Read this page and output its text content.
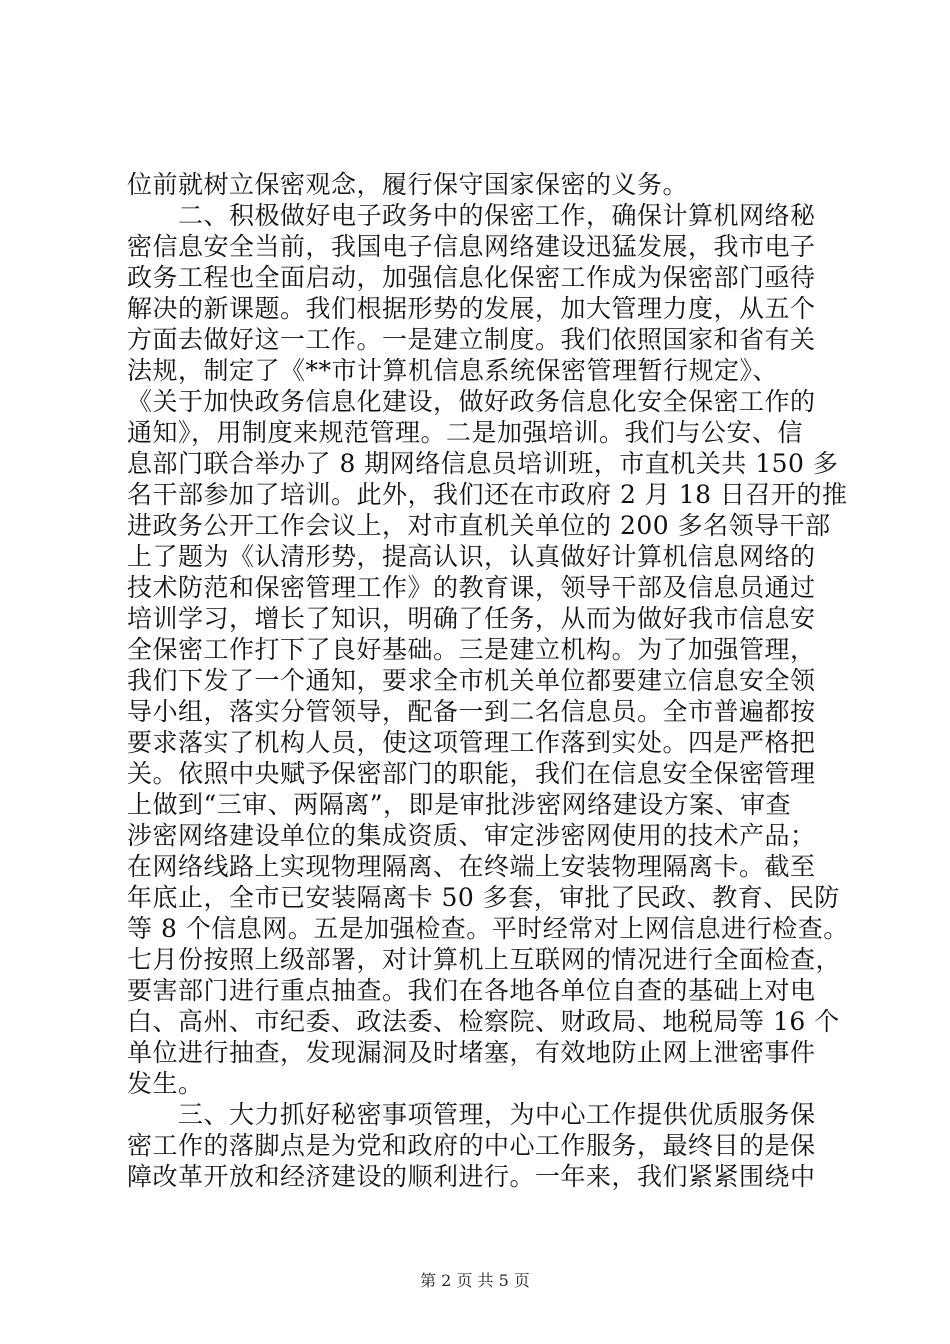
位前就树立保密观念，履行保守国家保密的义务。
　　二、积极做好电子政务中的保密工作，确保计算机网络秘
密信息安全当前，我国电子信息网络建设迅猛发展，我市电子
政务工程也全面启动，加强信息化保密工作成为保密部门亟待
解决的新课题。我们根据形势的发展，加大管理力度，从五个
方面去做好这一工作。一是建立制度。我们依照国家和省有关
法规，制定了《**市计算机信息系统保密管理暂行规定》、
《关于加快政务信息化建设，做好政务信息化安全保密工作的
通知》，用制度来规范管理。二是加强培训。我们与公安、信
息部门联合举办了 8 期网络信息员培训班，市直机关共 150 多
名干部参加了培训。此外，我们还在市政府 2 月 18 日召开的推
进政务公开工作会议上，对市直机关单位的 200 多名领导干部
上了题为《认清形势，提高认识，认真做好计算机信息网络的
技术防范和保密管理工作》的教育课，领导干部及信息员通过
培训学习，增长了知识，明确了任务，从而为做好我市信息安
全保密工作打下了良好基础。三是建立机构。为了加强管理，
我们下发了一个通知，要求全市机关单位都要建立信息安全领
导小组，落实分管领导，配备一到二名信息员。全市普遍都按
要求落实了机构人员，使这项管理工作落到实处。四是严格把
关。依照中央赋予保密部门的职能，我们在信息安全保密管理
上做到“三审、两隔离”，即是审批涉密网络建设方案、审查
涉密网络建设单位的集成资质、审定涉密网使用的技术产品；
在网络线路上实现物理隔离、在终端上安装物理隔离卡。截至
年底止，全市已安装隔离卡 50 多套，审批了民政、教育、民防
等 8 个信息网。五是加强检查。平时经常对上网信息进行检查。
七月份按照上级部署，对计算机上互联网的情况进行全面检查，
要害部门进行重点抽查。我们在各地各单位自查的基础上对电
白、高州、市纪委、政法委、检察院、财政局、地税局等 16 个
单位进行抽查，发现漏洞及时堵塞，有效地防止网上泄密事件
发生。
　　三、大力抓好秘密事项管理，为中心工作提供优质服务保
密工作的落脚点是为党和政府的中心工作服务，最终目的是保
障改革开放和经济建设的顺利进行。一年来，我们紧紧围绕中
第 2 页 共 5 页
